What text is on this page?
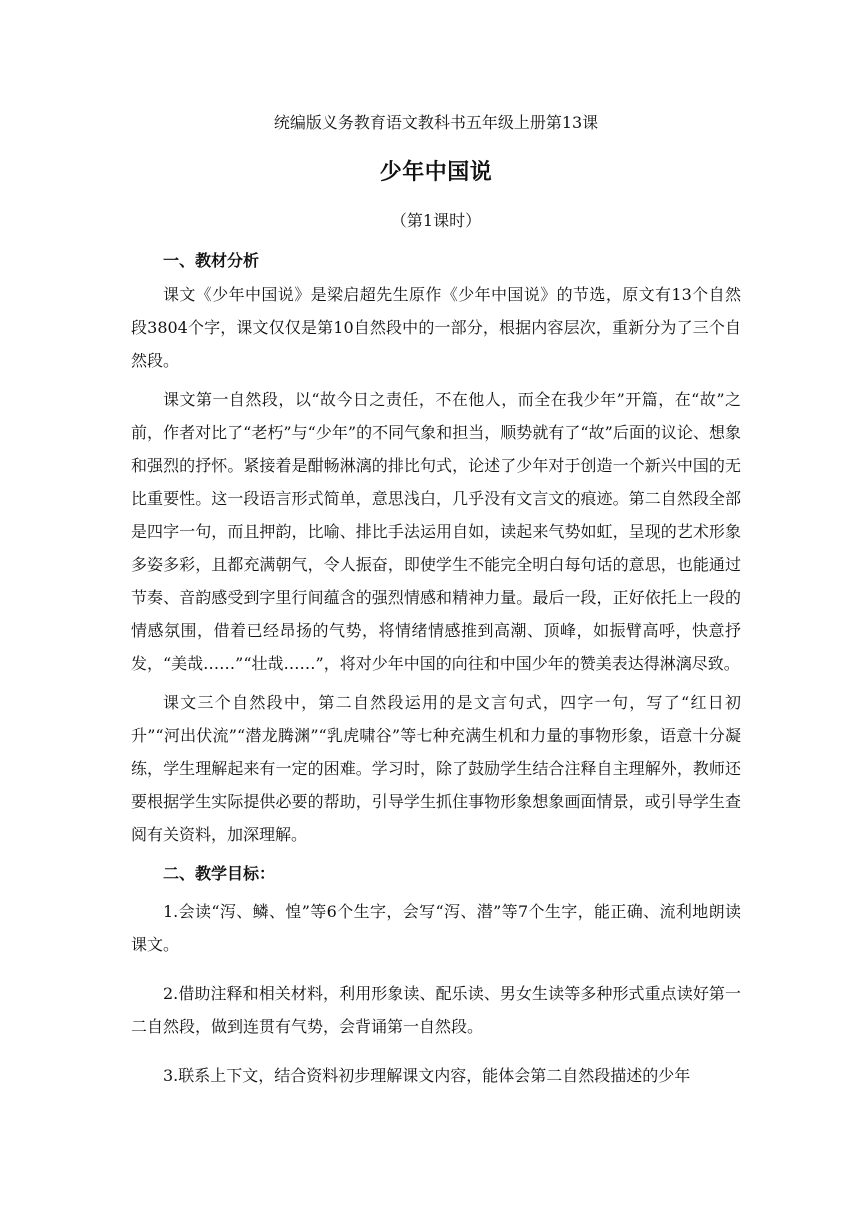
统编版义务教育语文教科书五年级上册第13课
少年中国说
（第1课时）
一、教材分析

课文《少年中国说》是梁启超先生原作《少年中国说》的节选，原文有13个自然段3804个字，课文仅仅是第10自然段中的一部分，根据内容层次，重新分为了三个自然段。

课文第一自然段，以“故今日之责任，不在他人，而全在我少年”开篇，在“故”之前，作者对比了“老朽”与“少年”的不同气象和担当，顺势就有了“故”后面的议论、想象和强烈的抒怀。紧接着是酣畅淋漓的排比句式，论述了少年对于创造一个新兴中国的无比重要性。这一段语言形式简单，意思浅白，几乎没有文言文的痕迹。第二自然段全部是四字一句，而且押韵，比喻、排比手法运用自如，读起来气势如虹，呈现的艺术形象多姿多彩，且都充满朝气，令人振奋，即使学生不能完全明白每句话的意思，也能通过节奏、音韵感受到字里行间蕴含的强烈情感和精神力量。最后一段，正好依托上一段的情感氛围，借着已经昂扬的气势，将情绪情感推到高潮、顶峰，如振臂高呼，快意抒发，“美哉……”“壮哉……”，将对少年中国的向往和中国少年的赞美表达得淋漓尽致。

课文三个自然段中，第二自然段运用的是文言句式，四字一句，写了“红日初升”“河出伏流”“潜龙腾渊”“乳虎啸谷”等七种充满生机和力量的事物形象，语意十分凝练，学生理解起来有一定的困难。学习时，除了鼓励学生结合注释自主理解外，教师还要根据学生实际提供必要的帮助，引导学生抓住事物形象想象画面情景，或引导学生查阅有关资料，加深理解。

二、教学目标：

1.会读“泻、鳞、惶”等6个生字，会写“泻、潜”等7个生字，能正确、流利地朗读课文。

2.借助注释和相关材料，利用形象读、配乐读、男女生读等多种形式重点读好第一二自然段，做到连贯有气势，会背诵第一自然段。

3.联系上下文，结合资料初步理解课文内容，能体会第二自然段描述的少年
